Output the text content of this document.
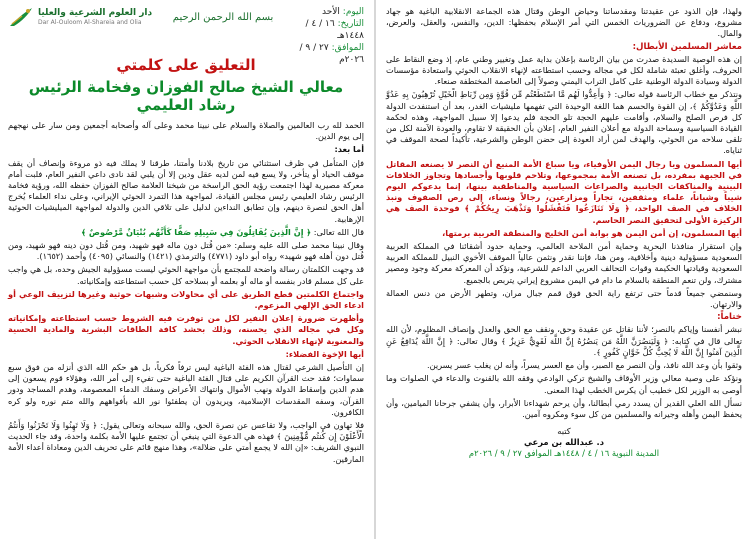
دار العلوم الشرعية والعليا
Dar Al-Ouloom Al-Shareia and Olia	بسم الله الرحمن الرحيم	اليوم: الأحد
التاريخ: ١٦ / ٤ / ١٤٤٨هـ
الموافق: ٢٧ / ٩ / ٢٠٢٦م
التعليق على كلمتي
معالي الشيخ صالح الفوزان وفخامة الرئيس رشاد العليمي

الحمد لله رب العالمين والصلاة والسلام على نبينا محمد وعلى آله وأصحابه أجمعين ومن سار على نهجهم إلى يوم الدين.

أما بعد:

فإن المتأمل في ظرف استثنائي من تاريخ بلادنا وأمتنا، طرقنا لا يملك فيه ذو مروءة وإنصاف أن يقف موقف الحياد أو يتأخر، ولا يسع فيه لمن لديه عقل ودين إلا أن يلبي لقد نادى داعي النفير العام، فلبت أمام معركة مصيرية لهذا اجتمعت رؤية الحق الراسخة من شيخنا العلامة صالح الفوزان حفظه الله، ورؤية فخامة الرئيس رشاد العليمي رئيس مجلس القيادة، لمواجهة هذا التمرد الحوثي الإيراني، وعلى نداء العلماء يُخرج أهل الحق لنصرة دينهم، وإن تطابق النداءين لدليل على تلاقي الدين والدولة لمواجهة الميليشيات الحوثية الإرهابية.

قال الله تعالى: ﴿ إِنَّ الَّذِينَ يُقَاتِلُونَ فِي سَبِيلِهِ صَفًّا كَأَنَّهُم بُنْيَانٌ مَّرْصُوصٌ ﴾

وقال نبينا محمد صلى الله عليه وسلم: «من قُتل دون ماله فهو شهيد، ومن قُتل دون دينه فهو شهيد، ومن قُتل دون أهله فهو شهيد» رواه أبو داود (٤٧٧١) والترمذي (١٤٢١) والنسائي (٤٠٩٥) وأحمد (١٦٥٢).

قد وجهت الكلمتان رسالة واضحة للمجتمع بأن مواجهة الحوثي ليست مسؤولية الجيش وحده، بل هي واجب على كل مسلم قادر بنفسه أو ماله أو بعلمه أو بسلاحه كل حسب استطاعته وإمكانياته.

واجتماع الكلمتين قطع الطريق على أي محاولات وشبهات حوثية وغيرها لتزييف الوعي أو ادعاء الحق الإلهي المزعوم.

وأظهرت ضرورة إعلان النفير لكل من توفرت فيه الشروط حسب استطاعته وإمكانياته وكل في مجاله الذي يحسنه، وذلك بحشد كافة الطاقات البشرية والمادية الحسية والمعنوية لإنهاء الانقلاب الحوثي.

أيها الإخوة الفضلاء:

إن التأصيل الشرعي لقتال هذه الفئة الباغية ليس ترفاً فكرياً، بل هو حكم الله الذي أنزله من فوق سبع سماوات؛ فقد حث القرآن الكريم على قتال الفئة الباغية حتى تفيء إلى أمر الله، وهؤلاء قوم يسعون إلى هدم الدين وإسقاط الدولة ونهب الأموال وانتهاك الأعراض وسفك الدماء المعصومة، وهدم المساجد ودور القرآن، وسفه المقدسات الإسلامية، ويريدون أن يطفئوا نور الله بأفواههم والله متم نوره ولو كره الكافرون.

فلا تهاون في الواجب، ولا تقاعس عن نصرة الحق، والله سبحانه وتعالى يقول: ﴿ وَلَا تَهِنُوا وَلَا تَحْزَنُوا وَأَنتُمُ الْأَعْلَوْنَ إِن كُنتُم مُّؤْمِنِينَ ﴾ فهذه هي الدعوة التي ينبغي أن تجتمع عليها الأمة بكلمة واحدة، وقد جاء الحديث النبوي الشريف: «إن الله لا يجمع أمتي على ضلالة»، وهذا منهج قائم على تحريف الدين ومعاداة أعداء الأمة المارقين.

ولهذا، فإن الذود عن عقيدتنا ومقدساتنا وحياض الوطن وقتال هذه الجماعة الانقلابية الباغية هو جهاد مشروع، ودفاع عن الضروريات الخمس التي أمر الإسلام بحفظها: الدين، والنفس، والعقل، والعرض، والمال.

معاشر المسلمين الأبطال:

إن هذه الوصية السديدة صدرت من بيان الرئاسة بإعلان بداية عمل وتغيير وطني عام، إذ وضع النقاط على الحروف، وأغلق تعبئة شاملة لكل في مجاله وحسب استطاعته لإنهاء الانقلاب الحوثي واستعادة مؤسسات الدولة وسيادة الدولة الوطنية على كامل التراب اليمني وصولاً إلى العاصمة المختطفة صنعاء.

ونتذكر مع خطاب الرئاسة قوله تعالى: ﴿ وَأَعِدُّوا لَهُم مَّا اسْتَطَعْتُم مِّن قُوَّةٍ وَمِن رِّبَاطِ الْخَيْلِ تُرْهِبُونَ بِهِ عَدُوَّ اللَّهِ وَعَدُوَّكُمْ ﴾، إن القوة والحسم هما اللغة الوحيدة التي تفهمها مليشيات الغدر، بعد أن استنفدت الدولة كل فرص الصلح والسلام، وأقامت عليهم الحجة تلو الحجة فلم يدعوا إلا سبيل المواجهة، وهذه لحكمة القيادة السياسية وسماحة الدولة مع أعلان النفير العام، إعلان بأن الحقيقة لا تقاوم، والعودة الآمنة لكل من تلقى سلاحه من الحوثي، والهدف لمن أراد العودة إلى حضن الوطن والشرعية، تأكيداً لصحة الموقف في ثناياه.

أيها المسلمون ويا رجال اليمن الأوفياء، ويا سباع الأمة المنيع أن النصر لا يصنعه المقاتل في الجبهة بمفرده، بل تصنعه الأمة بمجموعها، وتلاحم قلوبها وأجسادها وتجاوز الخلافات البينية والمناكفات الجانبية والصراعات السياسية والمناطقية بينها، إنما يدعوكم اليوم شيباً وشباناً، علماء ومثقفين، تجاراً ومزارعين، رجالاً ونساء، إلى رص الصفوف ونبذ الخلاف في الصف الواحد، ﴿ وَلَا تَنَازَعُوا فَتَفْشَلُوا وَتَذْهَبَ رِيحُكُمْ ﴾ فوحدة الصف هي الركيزة الأولى لتحقيق النصر الحاسم.

أيها المسلمون، إن أمن اليمن هو بوابة أمن الخليج والمنطقة العربية برمتها،

وإن استقرار منافذنا البحرية وحماية أمن الملاحة العالمي، وحماية حدود أشقائنا في المملكة العربية السعودية مسؤولية دينية وأخلاقية، ومن هنا، فإننا نقدر ونثمن عالياً الموقف الأخوي النبيل للمملكة العربية السعودية وقيادتها الحكيمة وقوات التحالف العربي الداعم للشرعية، ونؤكد أن المعركة معركة وجود ومصير مشترك، ولن تنعم المنطقة بالسلام ما دام في اليمن مشروع إيراني يتربص بالجميع.

وسنمضي جميعاً قدماً حتى ترتفع راية الحق فوق قمم جبال مران، وتطهر الأرض من دنس العمالة والارتهان.

ختاماً:

نبشر أنفسنا وإياكم بالنصر؛ لأننا نقاتل عن عقيدة وحق، ونقف مع الحق والعدل وإنصاف المظلوم، لأن الله تعالى قال في كتابه: ﴿ وَلَيَنصُرَنَّ اللَّهُ مَن يَنصُرُهُ إِنَّ اللَّهَ لَقَوِيٌّ عَزِيزٌ ﴾ وقال تعالى: ﴿ إِنَّ اللَّهَ يُدَافِعُ عَنِ الَّذِينَ آمَنُوا إِنَّ اللَّهَ لَا يُحِبُّ كُلَّ خَوَّانٍ كَفُورٍ ﴾.

وثقوا بأن وعد الله نافذ، وأن النصر مع الصبر، وأن مع العسر يسراً، وأنه لن يغلب عسر يسرين.

ونؤكد على وصية معالي وزير الأوقاف والشيخ تركي الوادعي وفقه الله بالقنوت والدعاء في الصلوات وما أوصى به الوزير لكل خطيب أن يكرس الخطب لهذا المعنى.

نسأل الله العلي القدير أن يسدد رمي أبطالنا، وأن يرحم شهداءنا الأبرار، وأن يشفي جرحانا الميامين، وأن يحفظ اليمن وأهله وجيرانه والمسلمين من كل سوء ومكروه آمين.

كتبه
د. عبدالله بن مرعي
المدينة النبوية ١٦ / ٤ / ١٤٤٨هـ الموافق ٢٧ / ٩ / ٢٠٢٦م
